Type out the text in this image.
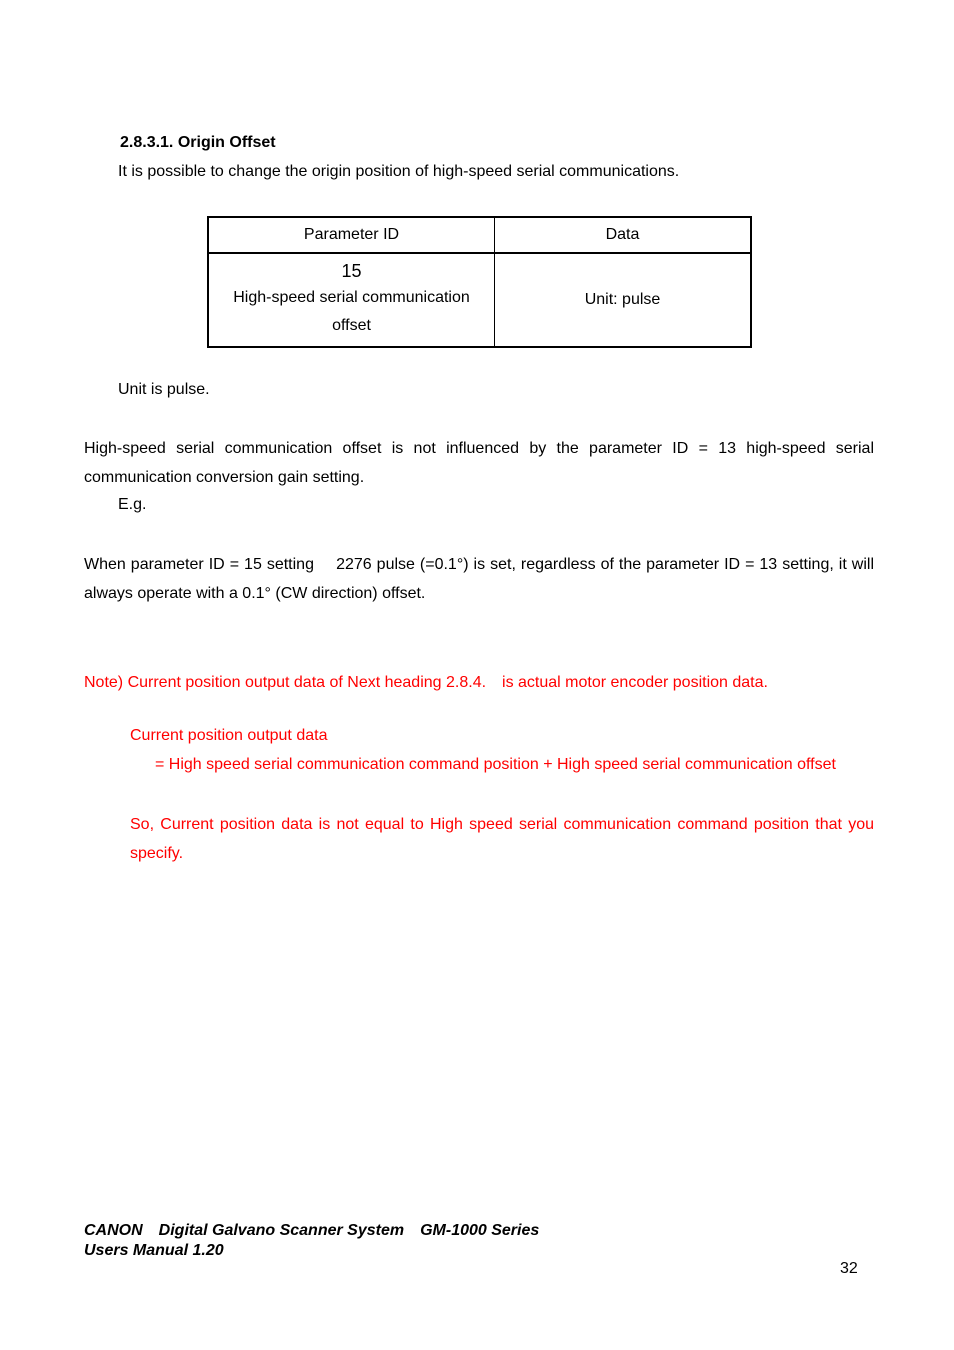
2.8.3.1. Origin Offset
It is possible to change the origin position of high-speed serial communications.
Parameter ID	Data

15
High-speed serial communication
offset	Unit: pulse
Unit is pulse.
High-speed serial communication offset is not influenced by the parameter ID = 13 high-speed serial communication conversion gain setting.
E.g.
When parameter ID = 15 setting　 2276 pulse (=0.1°) is set, regardless of the parameter ID = 13 setting, it will always operate with a 0.1° (CW direction) offset.
Note) Current position output data of Next heading 2.8.4.　is actual motor encoder position data.
Current position output data
= High speed serial communication command position + High speed serial communication offset
So, Current position data is not equal to High speed serial communication command position that you specify.
CANON　Digital Galvano Scanner System　GM-1000 Series
Users Manual 1.20
32
